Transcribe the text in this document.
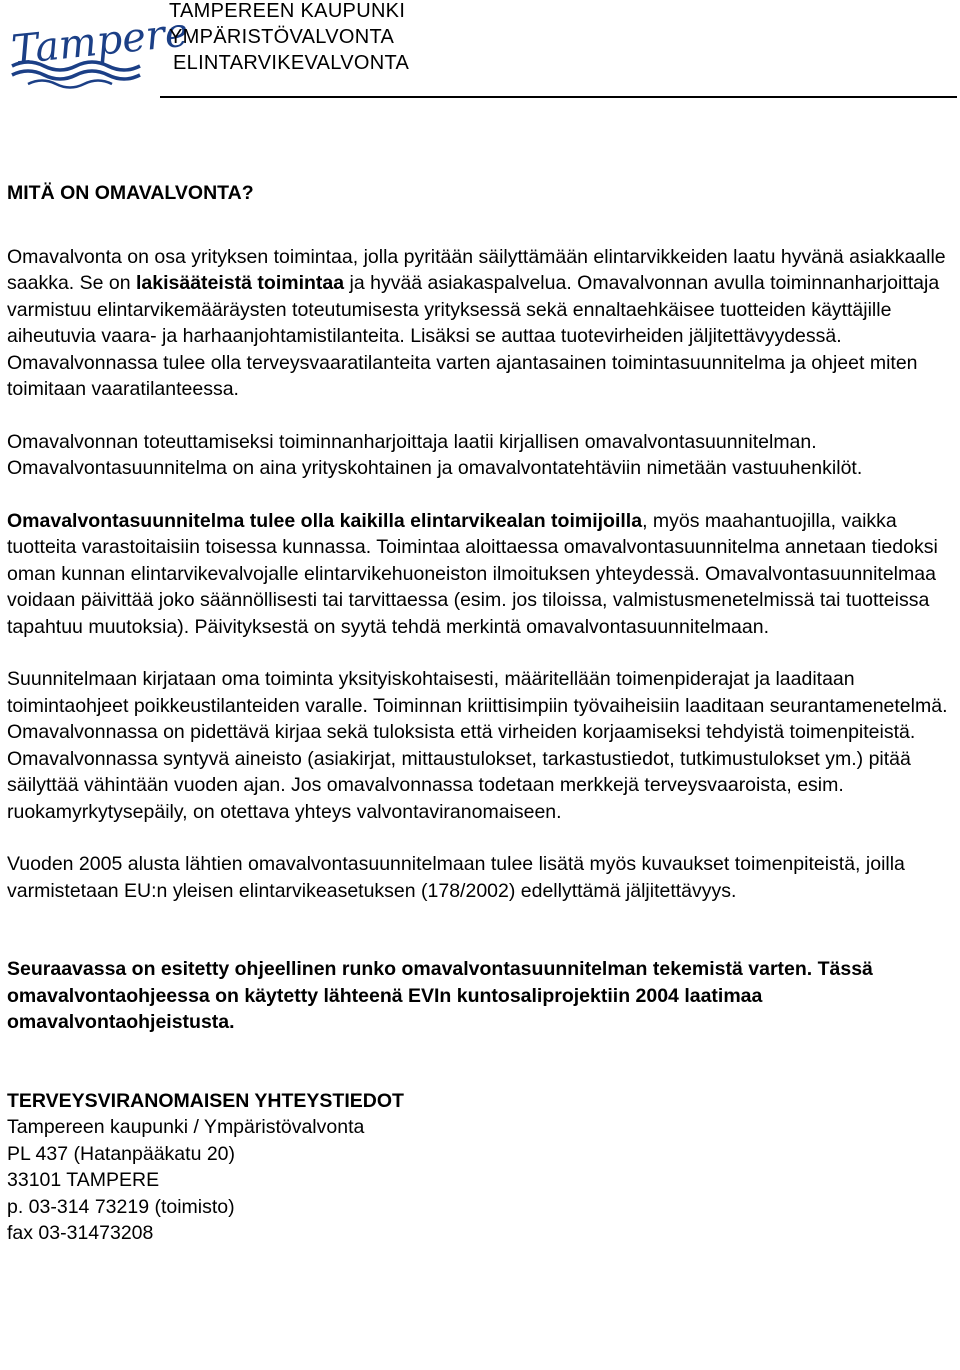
Tampere
TAMPEREEN KAUPUNKI
YMPÄRISTÖVALVONTA
ELINTARVIKEVALVONTA

MITÄ ON OMAVALVONTA?

Omavalvonta on osa yrityksen toimintaa, jolla pyritään säilyttämään elintarvikkeiden laatu hyvänä asiakkaalle saakka. Se on lakisääteistä toimintaa ja hyvää asiakaspalvelua. Omavalvonnan avulla toiminnanharjoittaja varmistuu elintarvikemääräysten toteutumisesta yrityksessä sekä ennaltaehkäisee tuotteiden käyttäjille aiheutuvia vaara- ja harhaanjohtamistilanteita. Lisäksi se auttaa tuotevirheiden jäljitettävyydessä. Omavalvonnassa tulee olla terveysvaaratilanteita varten ajantasainen toimintasuunnitelma ja ohjeet miten toimitaan vaaratilanteessa.

Omavalvonnan toteuttamiseksi toiminnanharjoittaja laatii kirjallisen omavalvontasuunnitelman. Omavalvontasuunnitelma on aina yrityskohtainen ja omavalvontatehtäviin nimetään vastuuhenkilöt.

Omavalvontasuunnitelma tulee olla kaikilla elintarvikealan toimijoilla, myös maahantuojilla, vaikka tuotteita varastoitaisiin toisessa kunnassa. Toimintaa aloittaessa omavalvontasuunnitelma annetaan tiedoksi oman kunnan elintarvikevalvojalle elintarvikehuoneiston ilmoituksen yhteydessä. Omavalvontasuunnitelmaa voidaan päivittää joko säännöllisesti tai tarvittaessa (esim. jos tiloissa, valmistusmenetelmissä tai tuotteissa tapahtuu muutoksia). Päivityksestä on syytä tehdä merkintä omavalvontasuunnitelmaan.

Suunnitelmaan kirjataan oma toiminta yksityiskohtaisesti, määritellään toimenpiderajat ja laaditaan toimintaohjeet poikkeustilanteiden varalle. Toiminnan kriittisimpiin työvaiheisiin laaditaan seurantamenetelmä. Omavalvonnassa on pidettävä kirjaa sekä tuloksista että virheiden korjaamiseksi tehdyistä toimenpiteistä. Omavalvonnassa syntyvä aineisto (asiakirjat, mittaustulokset, tarkastustiedot, tutkimustulokset ym.) pitää säilyttää vähintään vuoden ajan. Jos omavalvonnassa todetaan merkkejä terveysvaaroista, esim. ruokamyrkytysepäily, on otettava yhteys valvontaviranomaiseen.

Vuoden 2005 alusta lähtien omavalvontasuunnitelmaan tulee lisätä myös kuvaukset toimenpiteistä, joilla varmistetaan EU:n yleisen elintarvikeasetuksen (178/2002) edellyttämä jäljitettävyys.

Seuraavassa on esitetty ohjeellinen runko omavalvontasuunnitelman tekemistä varten. Tässä omavalvontaohjeessa on käytetty lähteenä EVIn kuntosaliprojektiin 2004 laatimaa omavalvontaohjeistusta.

TERVEYSVIRANOMAISEN YHTEYSTIEDOT

Tampereen kaupunki / Ympäristövalvonta

PL 437 (Hatanpääkatu 20)

33101 TAMPERE

p. 03-314 73219 (toimisto)

fax 03-31473208
